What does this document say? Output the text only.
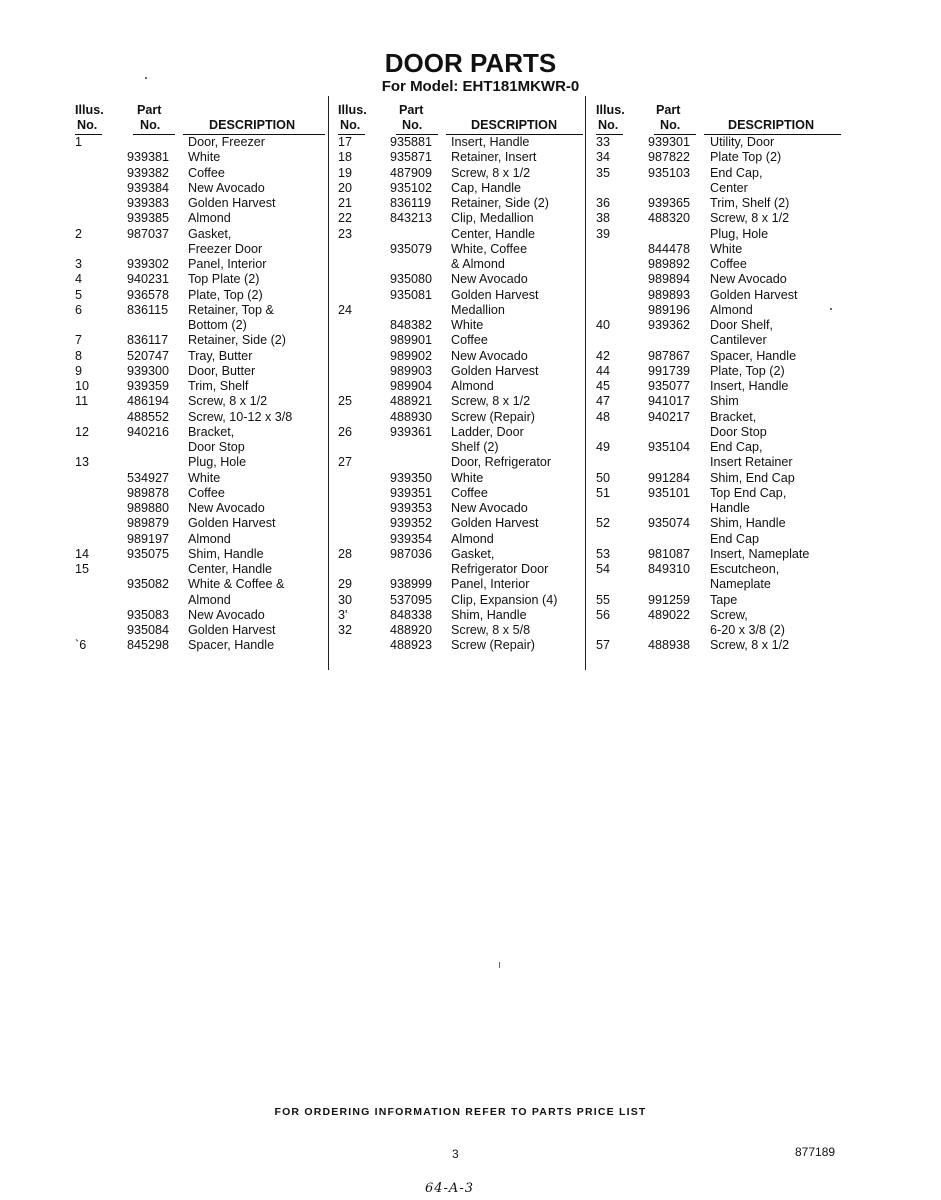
DOOR PARTS
For Model: EHT181MKWR-0
Illus.
No.
Part
No.	DESCRIPTION
1	Door, Freezer
939381 White
939382 Coffee
939384 New Avocado
939383 Golden Harvest
939385 Almond
2	987037 Gasket,
Freezer Door
3	939302 Panel, Interior
4	940231 Top Plate (2)
5	936578 Plate, Top (2)
6	836115 Retainer, Top &
Bottom (2)
7	836117 Retainer, Side (2)
8	520747 Tray, Butter
9	939300 Door, Butter
10	939359 Trim, Shelf
11	486194 Screw, 8 x 1/2
488552 Screw, 10-12 x 3/8
12	940216 Bracket,
Door Stop
13	Plug, Hole
534927 White
989878 Coffee
989880 New Avocado
989879 Golden Harvest
989197 Almond
14	935075 Shim, Handle
15	Center, Handle
935082 White & Coffee &
Almond
935083 New Avocado
935084 Golden Harvest
`6	845298 Spacer, Handle
Illus.
No.
Part
No.	DESCRIPTION
17	935881 Insert, Handle
18	935871 Retainer, Insert
19	487909 Screw, 8 x 1/2
20	935102 Cap, Handle
21	836119 Retainer, Side (2)
22	843213 Clip, Medallion
23	Center, Handle
935079 White, Coffee
& Almond
935080 New Avocado
935081 Golden Harvest
24	Medallion
848382 White
989901 Coffee
989902 New Avocado
989903 Golden Harvest
989904 Almond
25	488921 Screw, 8 x 1/2
488930 Screw (Repair)
26	939361 Ladder, Door
Shelf (2)
27	Door, Refrigerator
939350 White
939351 Coffee
939353 New Avocado
939352 Golden Harvest
939354 Almond
28	987036 Gasket,
Refrigerator Door
29	938999 Panel, Interior
30	537095 Clip, Expansion (4)
3'	848338 Shim, Handle
32	488920 Screw, 8 x 5/8
488923 Screw (Repair)
Illus.
No.
Part
No.	DESCRIPTION
33	939301 Utility, Door
34	987822 Plate Top (2)
35	935103 End Cap,
Center
36	939365 Trim, Shelf (2)
38	488320 Screw, 8 x 1/2
39	Plug, Hole
844478 White
989892 Coffee
989894 New Avocado
989893 Golden Harvest
989196 Almond
40	939362 Door Shelf,
Cantilever
42	987867 Spacer, Handle
44	991739 Plate, Top (2)
45	935077 Insert, Handle
47	941017 Shim
48	940217 Bracket,
Door Stop
49	935104 End Cap,
Insert Retainer
50	991284 Shim, End Cap
51	935101 Top End Cap,
Handle
52	935074 Shim, Handle
End Cap
53	981087 Insert, Nameplate
54	849310 Escutcheon,
Nameplate
55	991259 Tape
56	489022 Screw,
6-20 x 3/8 (2)
57	488938 Screw, 8 x 1/2
FOR ORDERING INFORMATION REFER TO PARTS PRICE LIST
3	877189
64-A-3
